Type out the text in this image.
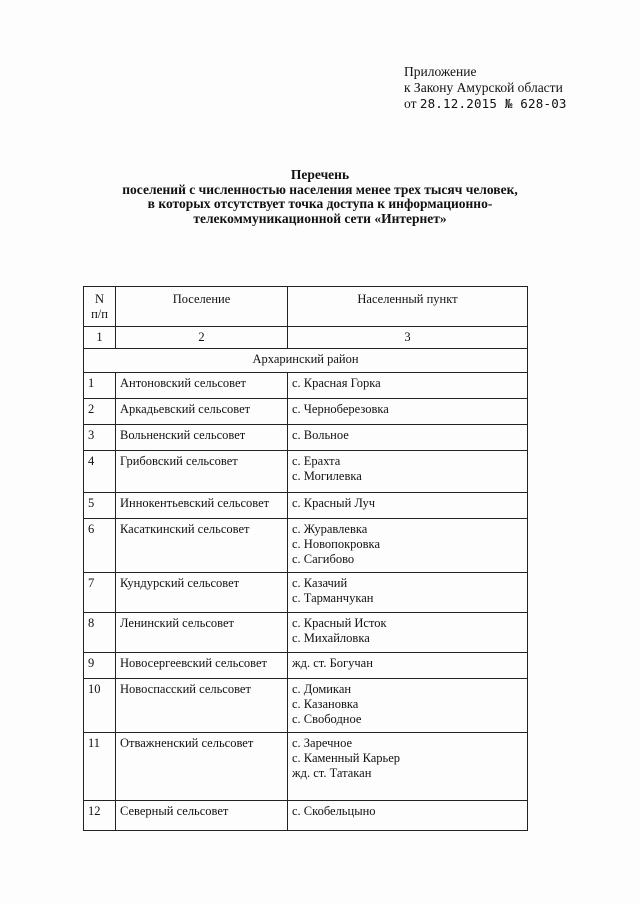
Приложение
к Закону Амурской области
от 28.12.2015 № 628-03
Перечень
поселений с численностью населения менее трех тысяч человек,
в которых отсутствует точка доступа к информационно-
телекоммуникационной сети «Интернет»
N
п/п	Поселение	Населенный пункт
1	2	3
Архаринский район		
1	Антоновский сельсовет	с. Красная Горка

2	Аркадьевский сельсовет	с. Черноберезовка

3	Вольненский сельсовет	с. Вольное

4	Грибовский сельсовет	с. Ерахта
с. Могилевка

5	Иннокентьевский сельсовет	с. Красный Луч

6	Касаткинский сельсовет	с. Журавлевка
с. Новопокровка
с. Сагибово

7	Кундурский сельсовет	с. Казачий
с. Тарманчукан

8	Ленинский сельсовет	с. Красный Исток
с. Михайловка

9	Новосергеевский сельсовет	жд. ст. Богучан

10	Новоспасский сельсовет	с. Домикан
с. Казановка
с. Свободное

11	Отважненский сельсовет	с. Заречное
с. Каменный Карьер
жд. ст. Татакан

12	Северный сельсовет	с. Скобельцыно
